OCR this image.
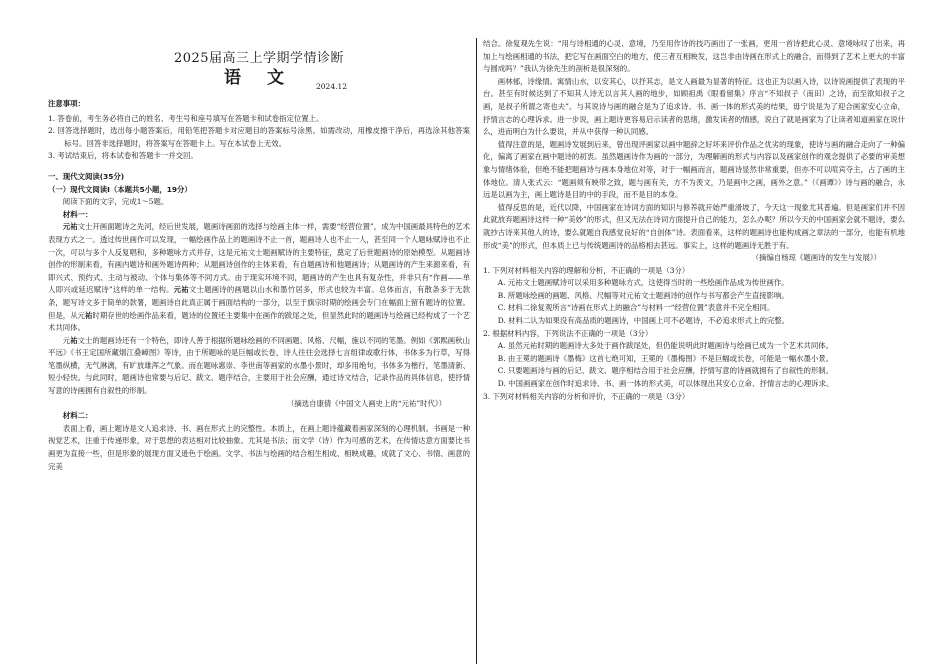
2025届高三上学期学情诊断

语 文	2024.12

注意事项：

1. 答卷前，考生务必将自己的姓名、考生号和座号填写在答题卡和试卷指定位置上。

2. 回答选择题时，选出每小题答案后，用铅笔把答题卡对应题目的答案标号涂黑。如需改动，用橡皮擦干净后，再选涂其他答案标号。回答非选择题时，将答案写在答题卡上。写在本试卷上无效。

3. 考试结束后，将本试卷和答题卡一并交回。

一、现代文阅读(35分)

（一）现代文阅读Ⅰ（本题共5小题，19分）

阅读下面的文字，完成1～5题。

材料一：

元祐文士开画面题诗之先河，经后世发展，题画诗画面的选择与绘画主体一样，需要“经营位置”，成为中国画最具特色的艺术表现方式之一。透过传世画作可以发现，一幅绘画作品上的题画诗不止一首，题画诗人也不止一人，甚至同一个人题咏赋诗也不止一次，可以与多个人反复唱和，多种题咏方式并存，这是元祐文士题画赋诗的主要特征，奠定了后世题画诗的原始模型。从题画诗创作的形制来看，有画内题诗和画外题诗两种；从题画诗创作的主体来看，有自题画诗和他题画诗；从题画诗的产生来源来看，有即兴式、预约式、主动与被动、个体与集体等不同方式。由于现实环境不同，题画诗的产生也具有复杂性，并非只有“作画——单人即兴或延迟赋诗”这样的单一结构。元祐文士题画诗的画题以山水和墨竹居多，形式也较为丰富。总体而言，有散条多于无款条，题写诗文多于简单的款署，题画诗自此真正属于画面结构的一部分，以至于旗宗时期的绘画会专门在幅面上留有题诗的位置。但是，从元祐时期存世的绘画作品来看，题诗的位置还主要集中在画作的跋尾之处，但显然此时的题画诗与绘画已经构成了一个艺术共同体。

元祐文士的题画诗还有一个特色，即诗人善于根据所题咏绘画的不同画题、风格、尺幅，施以不同的笔墨。例如《郭熙画秋山平远》《书王定国所藏烟江叠嶂图》等诗，由于所题咏的是巨幅或长卷，诗人往往会选择七言组律或歌行体，书体多为行草，写得笔墨纵横，无气淋漓，有旷放雄浑之气象。而在题咏惠崇、李世南等画家的水墨小景时，却多用绝句，书体多为楷行，笔墨清新、短小轻快。与此同时，题画诗也常要与后记、跋文、题序结合，主要用于社会应酬，通过诗文结合，记录作品的具体信息，使抒情写意的诗画拥有自叙性的形制。

（摘选自康倩《中国文人画史上的“元祐”时代》）

材料二：

表面上看，画上题诗是文人追求诗、书、画在形式上的完整性。本质上，在画上题诗蕴藏着画家深刻的心理机制。书画是一种视觉艺术，注重于传递形象，对于思想的表达相对比较抽象。尤其是书法；而文学（诗）作为可感的艺术，在传情达意方面要比书画更为直接一些，但是形象的展现方面又逊色于绘画。文学、书法与绘画的结合相生相成、相映成趣，成就了文心、书情、画意的完美

结合。徐复观先生说：“用与诗相通的心灵、意境，乃至用作诗的技巧画出了一张画，更用一首诗把此心灵、意境咏叹了出来，再加上与绘画相通的书法，把它写在画面空白的地方，使三者互相映发，这岂非由诗画在形式上的融合，而得到了艺术上更大的丰富与圆成吗？”我认为徐先生的剖析是很深刻的。

画林郁，诗缘情。寓情山水，以安其心，以抒其志，是文人画最为显著的特征。这也正为以画入诗，以诗说画提供了表现的平台。甚至有时候达到了不知其人诗无以言其人画的地步，如顾祖禹《眼看留集》序言“不知叔子（南田）之诗，而至欲知叔子之画，是叔子所谓之寄也夫”。与其说诗与画的融合是为了追求诗、书、画一体的形式美的结果，毋宁说是为了迎合画家安心立命，抒情言志的心理诉求。进一步说，画上题诗更容易启示读者的思绪，激发读者的情感，说白了就是画家为了让读者知道画家在说什么，进而明白为什么要说，并从中获得一种认同感。

值得注意的是，题画诗发展到后来，曾出现评画家以画中题辞之好坏来评价作品之优劣的现象，使诗与画的融合走向了一种偏化，偏离了画家在画中题诗的初衷。虽然题画诗作为画的一部分，为理解画的形式与内容以及画家创作的观念提供了必要的审美想象与情绪体验，但绝不能把题画诗与画本身地位对等，对于一幅画而言，题画诗显然非常重要，但亦不可以喧宾夺主，占了画的主体地位。清人张式云：“题画须有映带之致，题与画有关，方不为羡文，乃是画中之画，画外之意。”（《画谭》）诗与画的融合，永远是以画为主，画上题诗是目的中的手段，而不是目的本身。

值得反思的是，近代以降，中国画家在诗词方面的知识与修养就开始严重滑坡了，今天这一现象尤其普遍。但是画家们并不因此就放弃题画诗这样一种“美妙”的形式，但又无法在诗词方面提升自己的能力，怎么办呢？所以今天的中国画家会就不题诗，要么就抄古诗来其他人的诗，要么就题自我感觉良好的“自创体”诗。表面看来，这样的题画诗也能构成画之章法的一部分，也能有机地形成“美”的形式，但本质上已与传统题画诗的品格相去甚远。事实上，这样的题画诗无胜于有。

（摘编自杨琼《题画诗的发生与发展》）

1. 下列对材料相关内容的理解和分析，不正确的一项是（3分）

A. 元祐文士题画赋诗可以采用多种题咏方式，这使得当时的一些绘画作品成为传世画作。

B. 所题咏绘画的画题、风格、尺幅等对元祐文士题画诗的创作与书写都会产生直接影响。

C. 材料二徐复观所言“诗画在形式上的融合”与材料一“经营位置”表意并不完全相同。

D. 材料二认为如果没有高品质的题画诗，中国画上可不必题诗，不必追求形式上的完整。

2. 根据材料内容，下列说法不正确的一项是（3分）

A. 虽然元祐时期的题画诗大多处于画作跋尾处，但仍能说明此时题画诗与绘画已成为一个艺术共同体。

B. 由王冕的题画诗《墨梅》这首七绝可知，王冕的《墨梅图》不是巨幅或长卷，可能是一幅水墨小景。

C. 只要题画诗与画的后记、跋文、题序相结合用于社会应酬，抒情写意的诗画就拥有了自叙性的形制。

D. 中国画画家在创作时追求诗、书、画一体的形式美，可以体现出其安心立命、抒情言志的心理诉求。

3. 下列对材料相关内容的分析和评价，不正确的一项是（3分）
